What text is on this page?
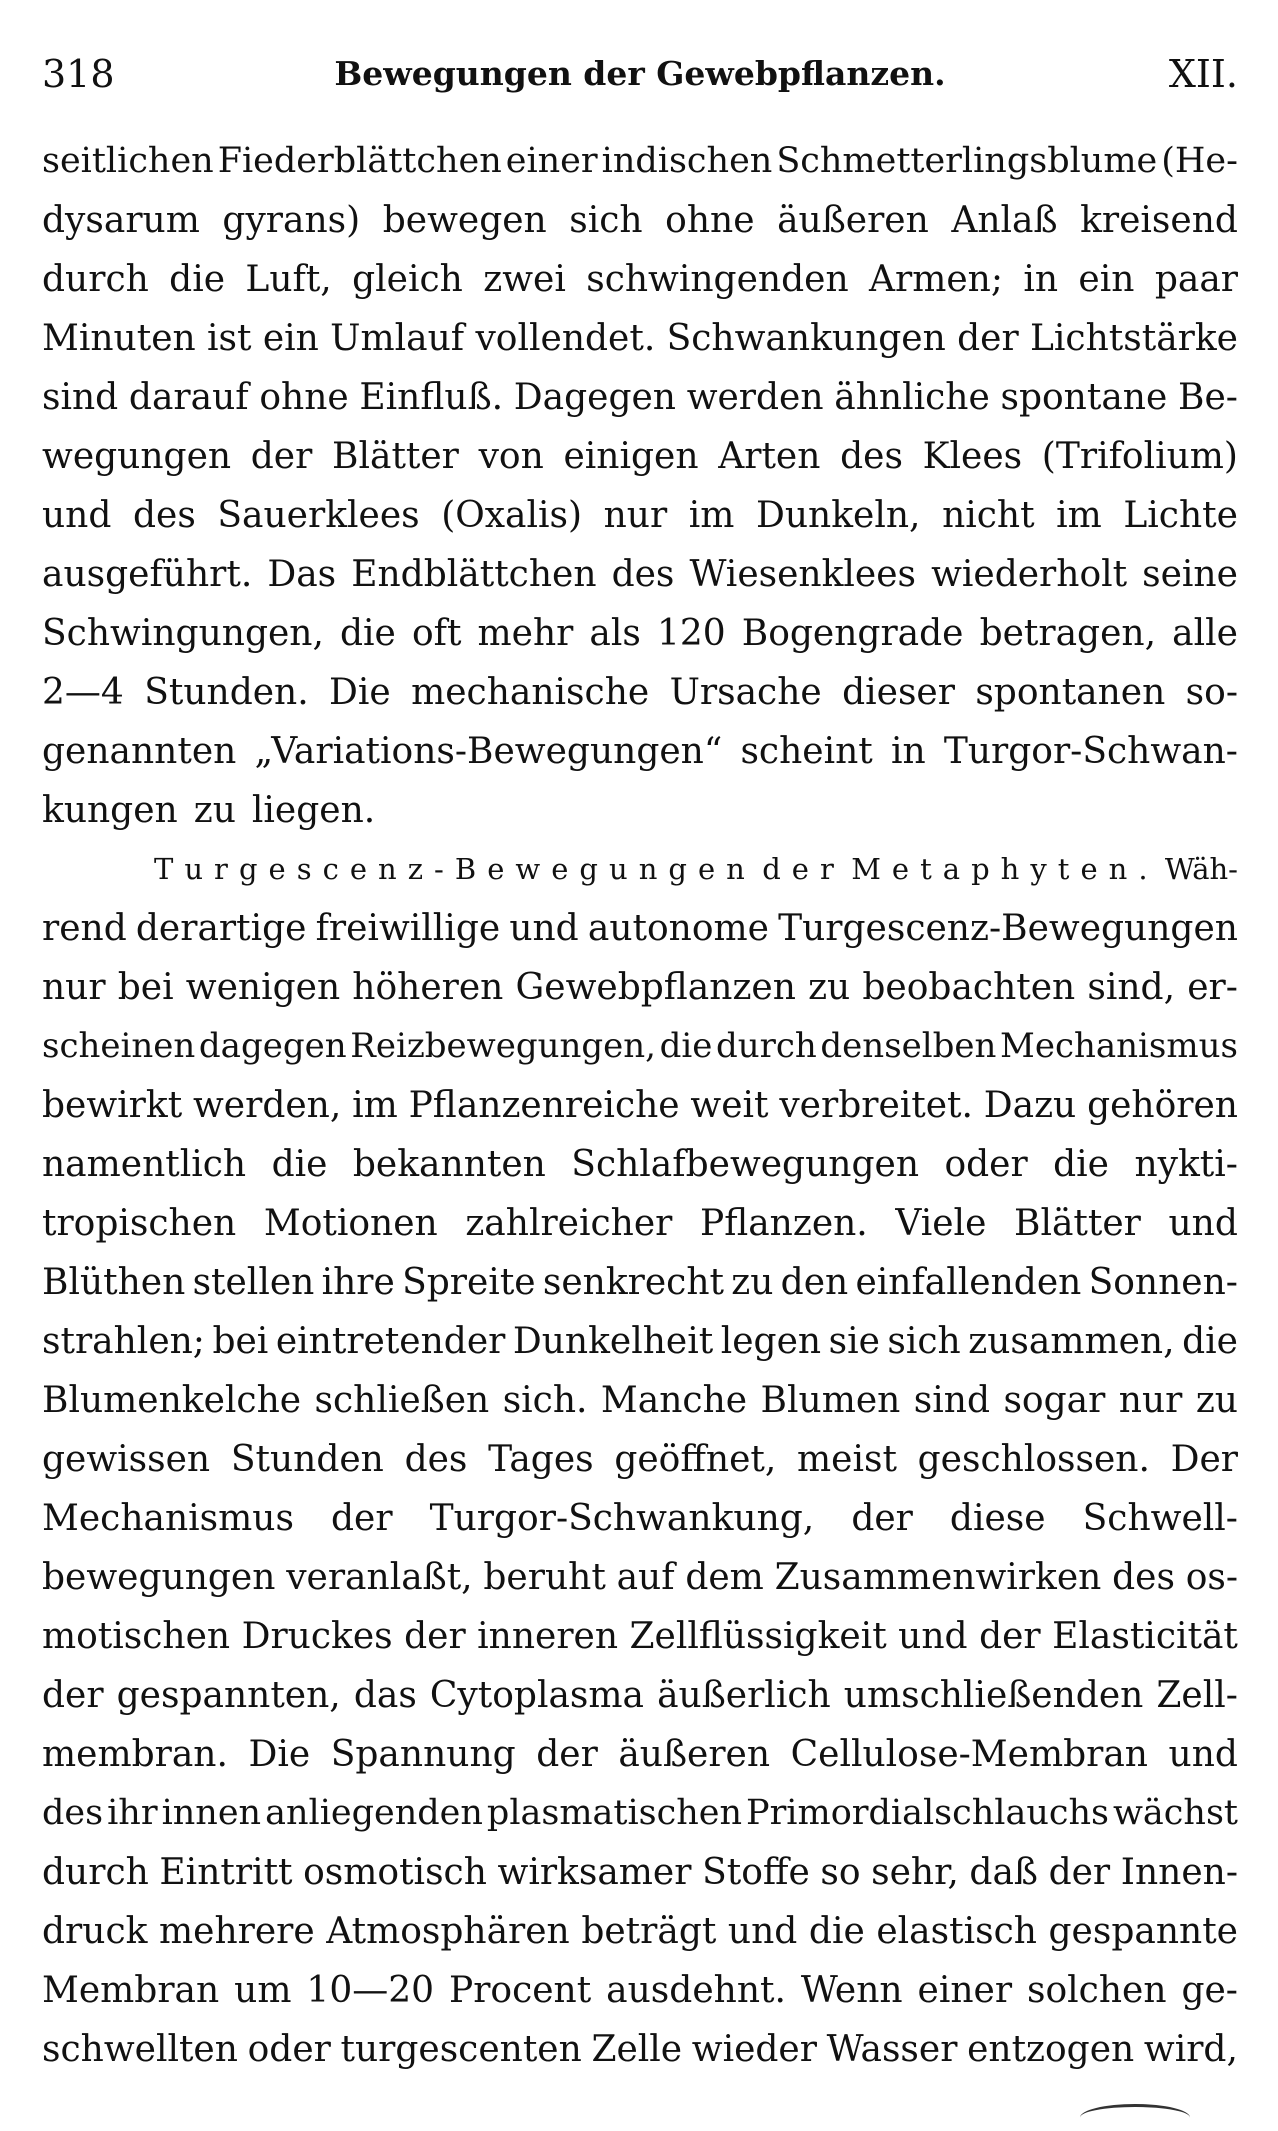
318	Bewegungen der Gewebpflanzen.	XII.
seitlichen Fiederblättchen einer indischen Schmetterlingsblume (He-
dysarum gyrans) bewegen sich ohne äußeren Anlaß kreisend
durch die Luft, gleich zwei schwingenden Armen; in ein paar
Minuten ist ein Umlauf vollendet. Schwankungen der Lichtstärke
sind darauf ohne Einfluß. Dagegen werden ähnliche spontane Be-
wegungen der Blätter von einigen Arten des Klees (Trifolium)
und des Sauerklees (Oxalis) nur im Dunkeln, nicht im Lichte
ausgeführt. Das Endblättchen des Wiesenklees wiederholt seine
Schwingungen, die oft mehr als 120 Bogengrade betragen, alle
2—4 Stunden. Die mechanische Ursache dieser spontanen so-
genannten „Variations-Bewegungen“ scheint in Turgor-Schwan-
kungen zu liegen.
Turgescenz-Bewegungen der Metaphyten. Wäh-
rend derartige freiwillige und autonome Turgescenz-Bewegungen
nur bei wenigen höheren Gewebpflanzen zu beobachten sind, er-
scheinen dagegen Reizbewegungen, die durch denselben Mechanismus
bewirkt werden, im Pflanzenreiche weit verbreitet. Dazu gehören
namentlich die bekannten Schlafbewegungen oder die nykti-
tropischen Motionen zahlreicher Pflanzen. Viele Blätter und
Blüthen stellen ihre Spreite senkrecht zu den einfallenden Sonnen-
strahlen; bei eintretender Dunkelheit legen sie sich zusammen, die
Blumenkelche schließen sich. Manche Blumen sind sogar nur zu
gewissen Stunden des Tages geöffnet, meist geschlossen. Der
Mechanismus der Turgor-Schwankung, der diese Schwell-
bewegungen veranlaßt, beruht auf dem Zusammenwirken des os-
motischen Druckes der inneren Zellflüssigkeit und der Elasticität
der gespannten, das Cytoplasma äußerlich umschließenden Zell-
membran. Die Spannung der äußeren Cellulose-Membran und
des ihr innen anliegenden plasmatischen Primordialschlauchs wächst
durch Eintritt osmotisch wirksamer Stoffe so sehr, daß der Innen-
druck mehrere Atmosphären beträgt und die elastisch gespannte
Membran um 10—20 Procent ausdehnt. Wenn einer solchen ge-
schwellten oder turgescenten Zelle wieder Wasser entzogen wird,
